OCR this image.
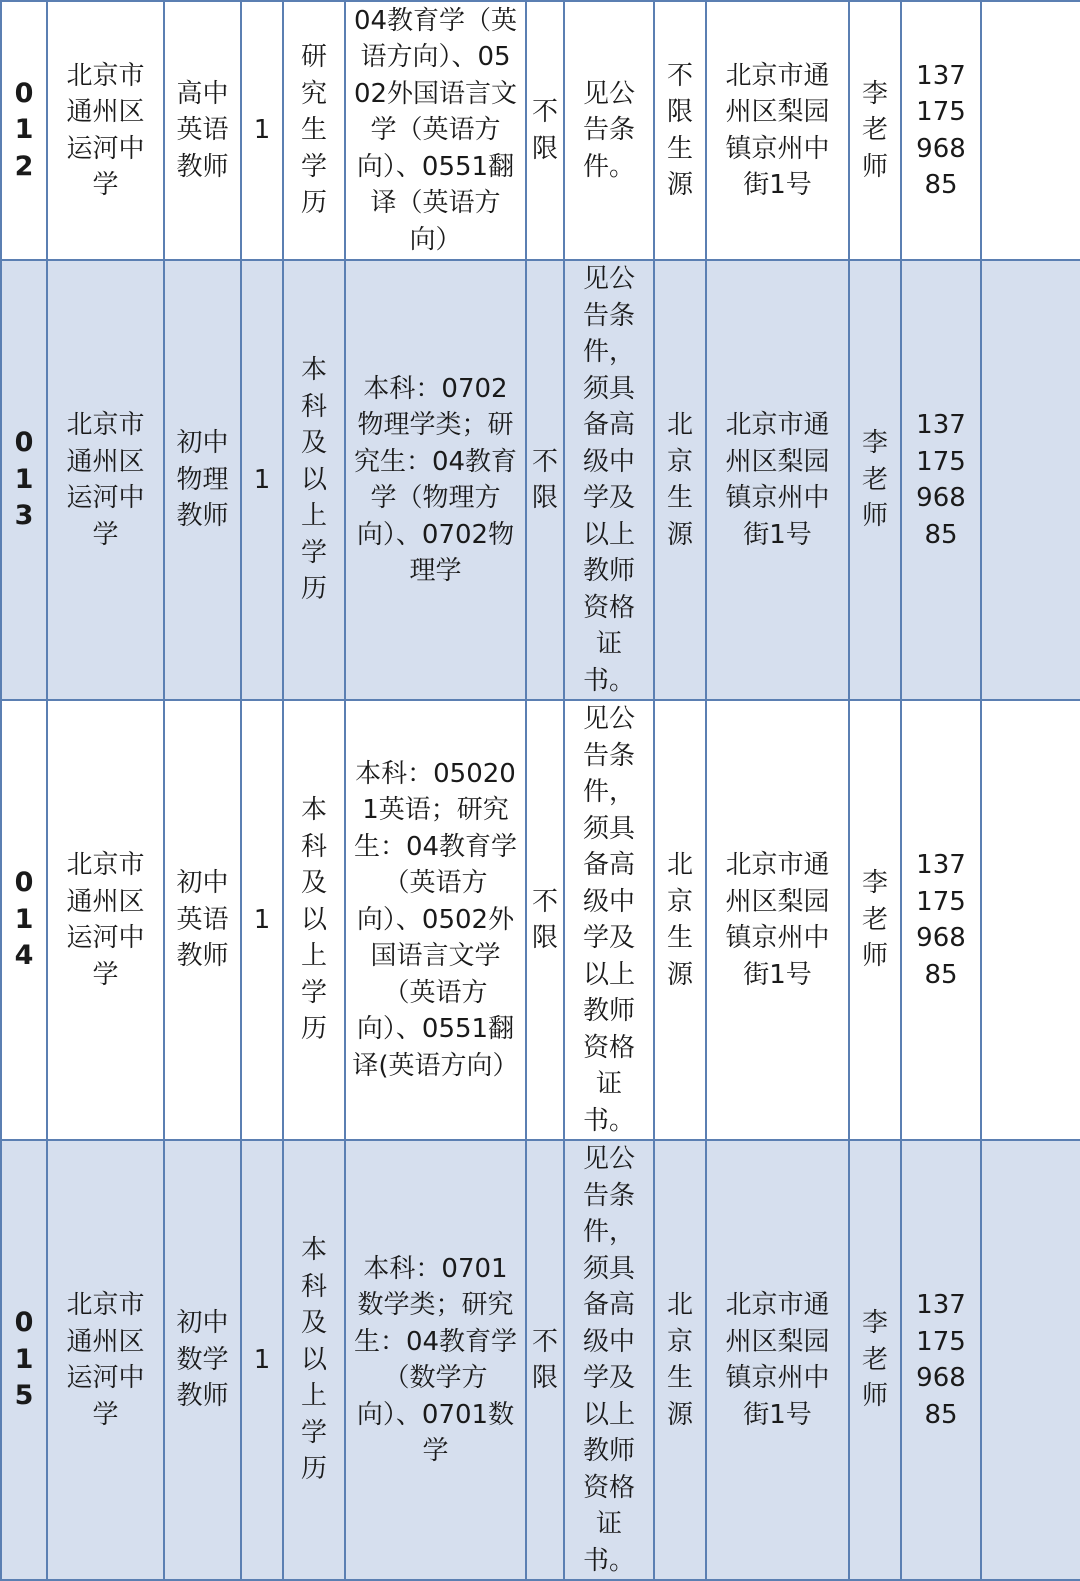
012	北京市通州区运河中学	高中英语教师	1	研究生学历	04教育学（英语方向）、0502外国语言文学（英语方向）、0551翻译（英语方向）	不限	见公告条件。	不限生源	北京市通州区梨园镇京州中街1号	李老师	13717596885	

013	北京市通州区运河中学	初中物理教师	1	本科及以上学历	本科：0702物理学类；研究生：04教育学（物理方向）、0702物理学	不限	见公告条件，须具备高级中学及以上教师资格证书。	北京生源	北京市通州区梨园镇京州中街1号	李老师	13717596885	

014	北京市通州区运河中学	初中英语教师	1	本科及以上学历	本科：050201英语；研究生：04教育学（英语方向）、0502外国语言文学（英语方向）、0551翻译(英语方向）	不限	见公告条件，须具备高级中学及以上教师资格证书。	北京生源	北京市通州区梨园镇京州中街1号	李老师	13717596885	

015	北京市通州区运河中学	初中数学教师	1	本科及以上学历	本科：0701数学类；研究生：04教育学（数学方向）、0701数学	不限	见公告条件，须具备高级中学及以上教师资格证书。	北京生源	北京市通州区梨园镇京州中街1号	李老师	13717596885	
